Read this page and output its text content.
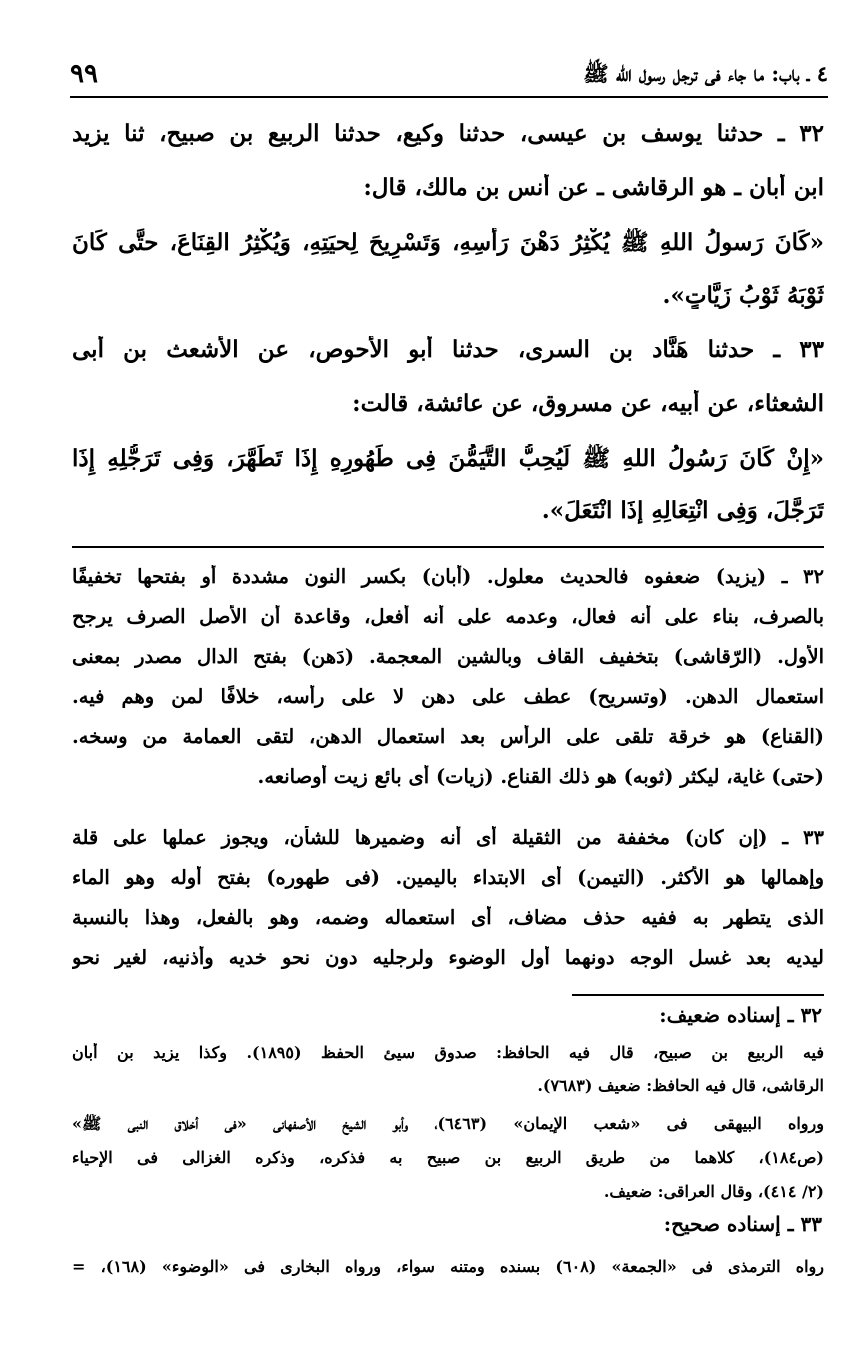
٤ ـ باب: ما جاء فى ترجل رسول الله ﷺ
٩٩
٣٢ ـ حدثنا يوسف بن عيسى، حدثنا وكيع، حدثنا الربيع بن صبيح، ثنا يزيد
ابن أبان ـ هو الرقاشى ـ عن أنس بن مالك، قال:
«كَانَ رَسولُ اللهِ ﷺ يُكْثِرُ دَهْنَ رَأسِهِ، وَتَسْرِيحَ لِحيَتِهِ، وَيُكْثِرُ القِنَاعَ، حتَّى كَانَ
ثَوْبَهُ ثَوْبُ زَيَّاتٍ».
٣٣ ـ حدثنا هَنَّاد بن السرى، حدثنا أبو الأحوص، عن الأشعث بن أبى
الشعثاء، عن أبيه، عن مسروق، عن عائشة، قالت:
«إِنْ كَانَ رَسُولُ اللهِ ﷺ لَيُحِبُّ التَّيَمُّنَ فِى طَهُورِهِ إِذَا تَطَهَّرَ، وَفِى تَرَجُّلِهِ إِذَا
تَرَجَّلَ، وَفِى انْتِعَالِهِ إِذَا انْتَعَلَ».
٣٢ ـ (يزيد) ضعفوه فالحديث معلول. (أبان) بكسر النون مشددة أو بفتحها تخفيفًا
بالصرف، بناء على أنه فعال، وعدمه على أنه أفعل، وقاعدة أن الأصل الصرف يرجح
الأول. (الرّقاشى) بتخفيف القاف وبالشين المعجمة. (دَهن) بفتح الدال مصدر بمعنى
استعمال الدهن. (وتسريح) عطف على دهن لا على رأسه، خلافًا لمن وهم فيه.
(القناع) هو خرقة تلقى على الرأس بعد استعمال الدهن، لتقى العمامة من وسخه.
(حتى) غاية، ليكثر (ثوبه) هو ذلك القناع. (زيات) أى بائع زيت أوصانعه.
٣٣ ـ (إن كان) مخففة من الثقيلة أى أنه وضميرها للشأن، ويجوز عملها على قلة
وإهمالها هو الأكثر. (التيمن) أى الابتداء باليمين. (فى طهوره) بفتح أوله وهو الماء
الذى يتطهر به ففيه حذف مضاف، أى استعماله وضمه، وهو بالفعل، وهذا بالنسبة
ليديه بعد غسل الوجه دونهما أول الوضوء ولرجليه دون نحو خديه وأذنيه، لغير نحو
٣٢ ـ إسناده ضعيف:
فيه الربيع بن صبيح، قال فيه الحافظ: صدوق سيئ الحفظ (١٨٩٥). وكذا يزيد بن أبان
الرقاشى، قال فيه الحافظ: ضعيف (٧٦٨٣).
ورواه البيهقى فى «شعب الإيمان» (٦٤٦٣)، وأبو الشيخ الأصفهانى «فى أخلاق النبى ﷺ»
(ص١٨٤)، كلاهما من طريق الربيع بن صبيح به فذكره، وذكره الغزالى فى الإحياء
(٢/ ٤١٤)، وقال العراقى: ضعيف.
٣٣ ـ إسناده صحيح:
رواه الترمذى فى «الجمعة» (٦٠٨) بسنده ومتنه سواء، ورواه البخارى فى «الوضوء» (١٦٨)، =
